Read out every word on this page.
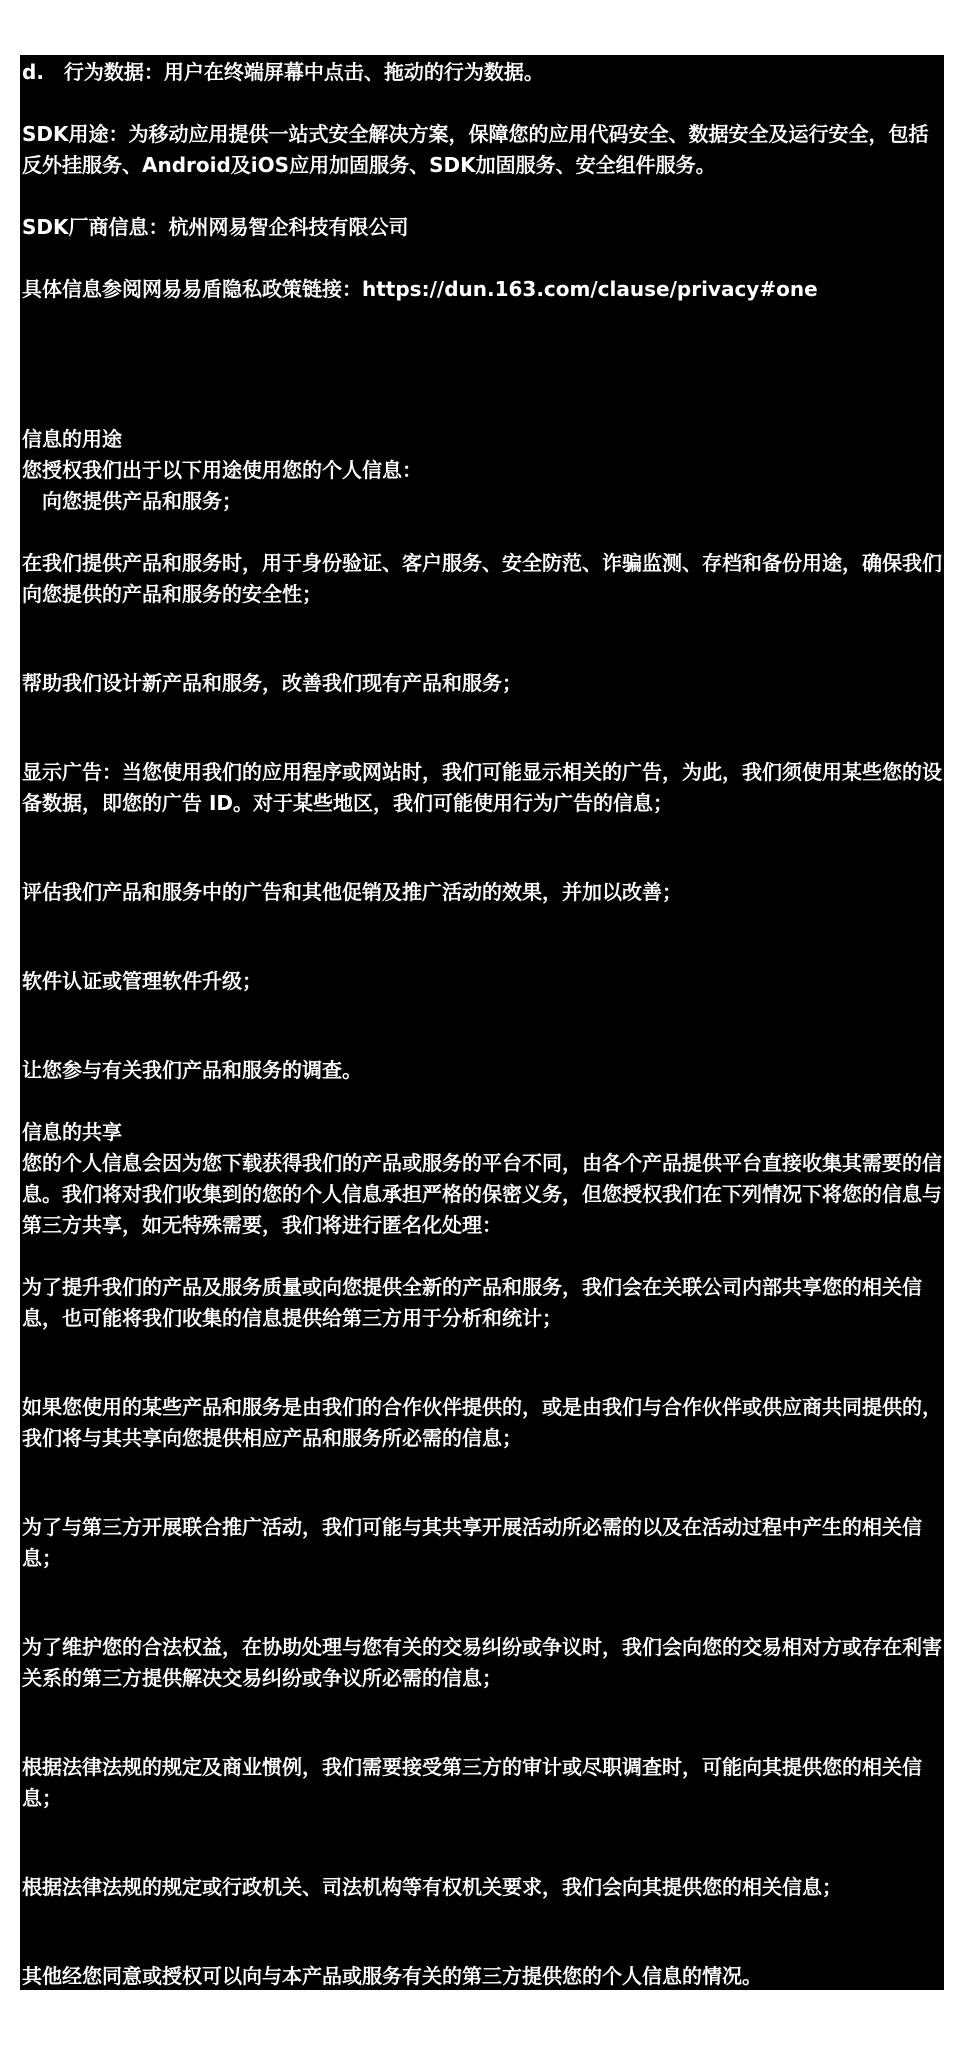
d.　行为数据：用户在终端屏幕中点击、拖动的行为数据。

SDK用途：为移动应用提供一站式安全解决方案，保障您的应用代码安全、数据安全及运行安全，包括反外挂服务、Android及iOS应用加固服务、SDK加固服务、安全组件服务。

SDK厂商信息：杭州网易智企科技有限公司

具体信息参阅网易易盾隐私政策链接：https://dun.163.com/clause/privacy#one

信息的用途

您授权我们出于以下用途使用您的个人信息：

　向您提供产品和服务；

在我们提供产品和服务时，用于身份验证、客户服务、安全防范、诈骗监测、存档和备份用途，确保我们向您提供的产品和服务的安全性；

帮助我们设计新产品和服务，改善我们现有产品和服务；

显示广告：当您使用我们的应用程序或网站时，我们可能显示相关的广告，为此，我们须使用某些您的设备数据，即您的广告 ID。对于某些地区，我们可能使用行为广告的信息；

评估我们产品和服务中的广告和其他促销及推广活动的效果，并加以改善；

软件认证或管理软件升级；

让您参与有关我们产品和服务的调查。

信息的共享

您的个人信息会因为您下载获得我们的产品或服务的平台不同，由各个产品提供平台直接收集其需要的信息。我们将对我们收集到的您的个人信息承担严格的保密义务，但您授权我们在下列情况下将您的信息与第三方共享，如无特殊需要，我们将进行匿名化处理：

为了提升我们的产品及服务质量或向您提供全新的产品和服务，我们会在关联公司内部共享您的相关信息，也可能将我们收集的信息提供给第三方用于分析和统计；

如果您使用的某些产品和服务是由我们的合作伙伴提供的，或是由我们与合作伙伴或供应商共同提供的，我们将与其共享向您提供相应产品和服务所必需的信息；

为了与第三方开展联合推广活动，我们可能与其共享开展活动所必需的以及在活动过程中产生的相关信息；

为了维护您的合法权益，在协助处理与您有关的交易纠纷或争议时，我们会向您的交易相对方或存在利害关系的第三方提供解决交易纠纷或争议所必需的信息；

根据法律法规的规定及商业惯例，我们需要接受第三方的审计或尽职调查时，可能向其提供您的相关信息；

根据法律法规的规定或行政机关、司法机构等有权机关要求，我们会向其提供您的相关信息；

其他经您同意或授权可以向与本产品或服务有关的第三方提供您的个人信息的情况。
